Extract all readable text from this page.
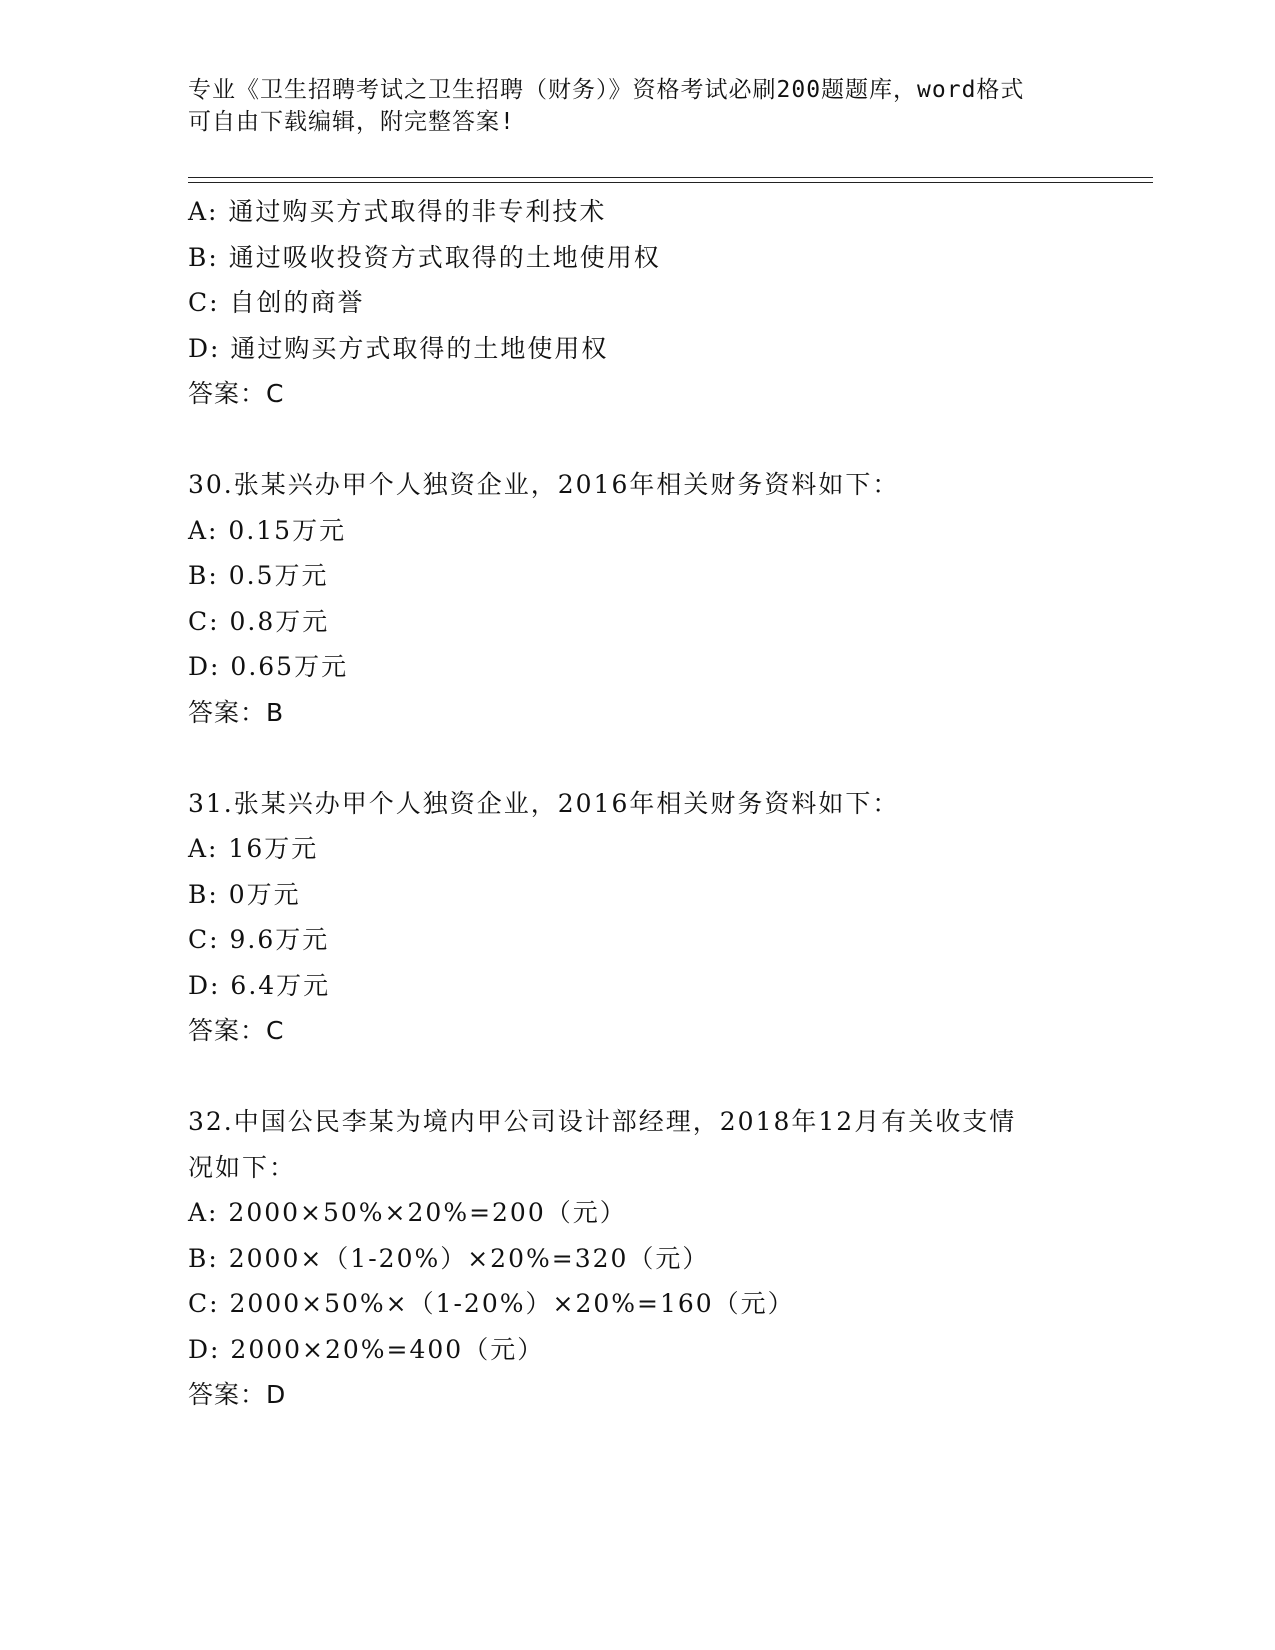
专业《卫生招聘考试之卫生招聘（财务）》资格考试必刷200题题库，word格式
可自由下载编辑，附完整答案!
A: 通过购买方式取得的非专利技术
B: 通过吸收投资方式取得的土地使用权
C: 自创的商誉
D: 通过购买方式取得的土地使用权
答案：C
30.张某兴办甲个人独资企业，2016年相关财务资料如下：
A: 0.15万元
B: 0.5万元
C: 0.8万元
D: 0.65万元
答案：B
31.张某兴办甲个人独资企业，2016年相关财务资料如下：
A: 16万元
B: 0万元
C: 9.6万元
D: 6.4万元
答案：C
32.中国公民李某为境内甲公司设计部经理，2018年12月有关收支情
况如下：
A: 2000×50%×20%=200（元）
B: 2000×（1-20%）×20%=320（元）
C: 2000×50%×（1-20%）×20%=160（元）
D: 2000×20%=400（元）
答案：D
